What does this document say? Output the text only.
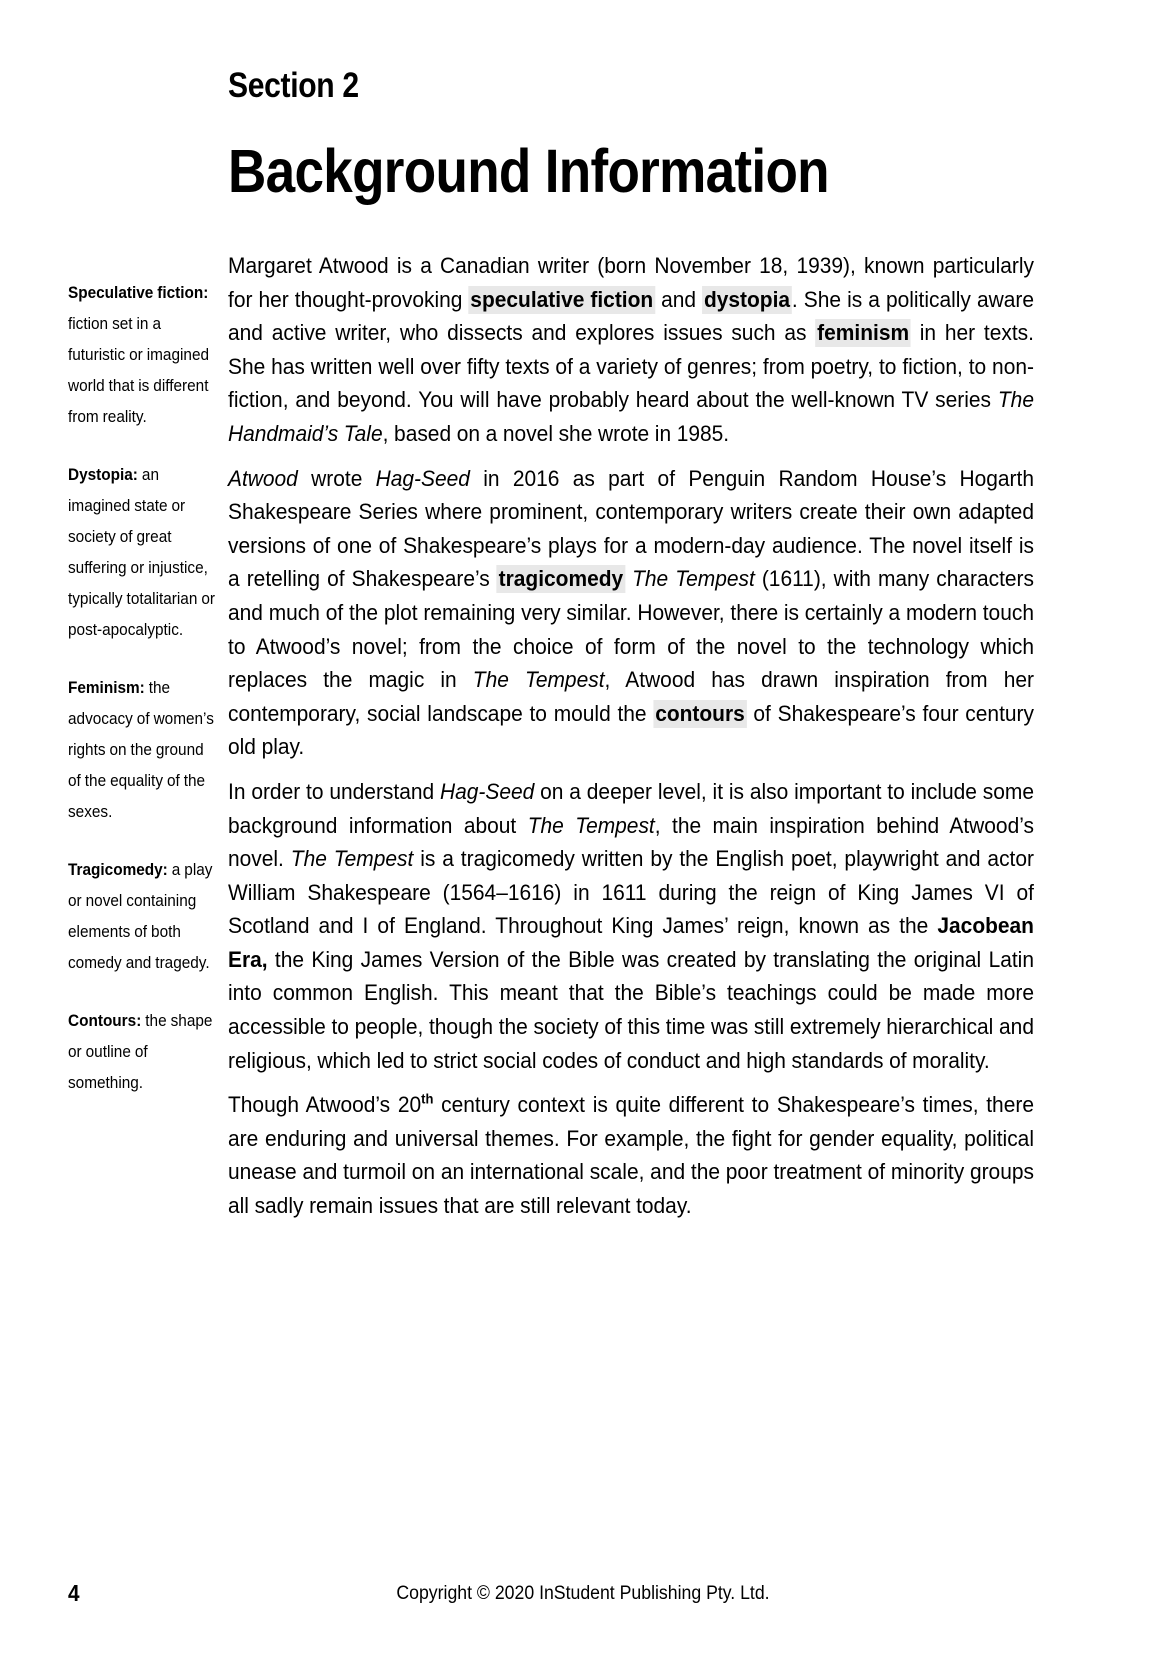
Section 2
Background Information
Speculative fiction: fiction set in a futuristic or imagined world that is different from reality.
Dystopia: an imagined state or society of great suffering or injustice, typically totalitarian or post-apocalyptic.
Feminism: the advocacy of women’s rights on the ground of the equality of the sexes.
Tragicomedy: a play or novel containing elements of both comedy and tragedy.
Contours: the shape or outline of something.

Margaret Atwood is a Canadian writer (born November 18, 1939), known particularly for her thought-provoking speculative fiction and dystopia. She is a politically aware and active writer, who dissects and explores issues such as feminism in her texts. She has written well over fifty texts of a variety of genres; from poetry, to fiction, to non-fiction, and beyond. You will have probably heard about the well-known TV series The Handmaid’s Tale, based on a novel she wrote in 1985.

Atwood wrote Hag-Seed in 2016 as part of Penguin Random House’s Hogarth Shakespeare Series where prominent, contemporary writers create their own adapted versions of one of Shakespeare’s plays for a modern-day audience. The novel itself is a retelling of Shakespeare’s tragicomedy The Tempest (1611), with many characters and much of the plot remaining very similar. However, there is certainly a modern touch to Atwood’s novel; from the choice of form of the novel to the technology which replaces the magic in The Tempest, Atwood has drawn inspiration from her contemporary, social landscape to mould the contours of Shakespeare’s four century old play.

In order to understand Hag-Seed on a deeper level, it is also important to include some background information about The Tempest, the main inspiration behind Atwood’s novel. The Tempest is a tragicomedy written by the English poet, playwright and actor William Shakespeare (1564–1616) in 1611 during the reign of King James VI of Scotland and I of England. Throughout King James’ reign, known as the Jacobean Era, the King James Version of the Bible was created by translating the original Latin into common English. This meant that the Bible’s teachings could be made more accessible to people, though the society of this time was still extremely hierarchical and religious, which led to strict social codes of conduct and high standards of morality.

Though Atwood’s 20th century context is quite different to Shakespeare’s times, there are enduring and universal themes. For example, the fight for gender equality, political unease and turmoil on an international scale, and the poor treatment of minority groups all sadly remain issues that are still relevant today.

4	Copyright © 2020 InStudent Publishing Pty. Ltd.
